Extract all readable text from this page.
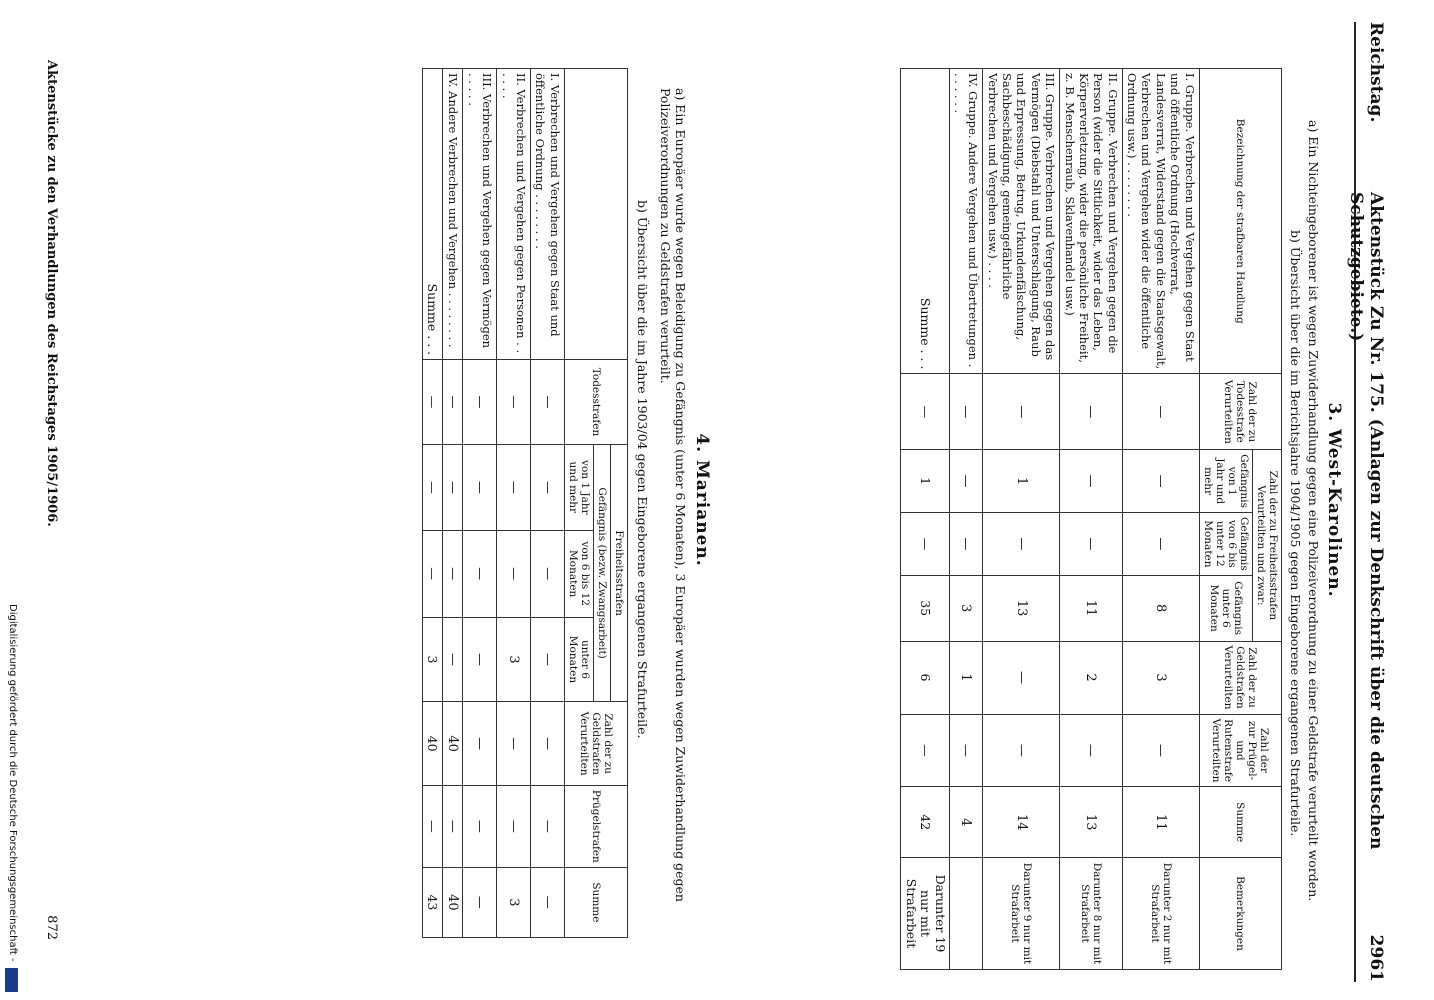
Reichstag.
Aktenstück Zu Nr. 175. (Anlagen zur Denkschrift über die deutschen Schutzgebiete.)
2961
3. West-Karolinen.
a) Ein Nichteingeborener ist wegen Zuwiderhandlung gegen eine Polizeiverordnung zu einer Geldstrafe verurteilt worden.
b) Übersicht über die im Berichtsjahre 1904/1905 gegen Eingeborene ergangenen Strafurteile.
Bezeichnung der strafbaren Handlung	Zahl der zu Todesstrafe Verurteilten	Zahl der zu Freiheitsstrafen Verurteilten und zwar:			Zahl der zu Geldstrafen Verurteilten	Zahl der zur Prügel- und Rutenstrafe Verurteilten	Summe	Bemerkungen
		Gefängnis von 1 Jahr und mehr	Gefängnis von 6 bis unter 12 Monaten	Gefängnis unter 6 Monaten				
I. Gruppe. Verbrechen und Vergehen gegen Staat und öffentliche Ordnung (Hochverrat, Landesverrat, Widerstand gegen die Staatsgewalt, Verbrechen und Vergehen wider die öffentliche Ordnung usw.) . . . . . . . .	—	—	—	8	3	—	11	Darunter 2 nur mit Strafarbeit
II. Gruppe. Verbrechen und Vergehen gegen die Person (wider die Sittlichkeit, wider das Leben, Körperverletzung, wider die persönliche Freiheit, z. B. Menschenraub, Sklavenhandel usw.)	—	—	—	11	2	—	13	Darunter 8 nur mit Strafarbeit
III. Gruppe. Verbrechen und Vergehen gegen das Vermögen (Diebstahl und Unterschlagung, Raub und Erpressung, Betrug, Urkundenfälschung, Sachbeschädigung, gemeingefährliche Verbrechen und Vergehen usw.) . . . .	—	1	—	13	—	—	14	Darunter 9 nur mit Strafarbeit
IV. Gruppe. Andere Vergehen und Übertretungen . . . . . . .	—	—	—	3	1	—	4	
Summe . . .	—	1	—	35	6	—	42	Darunter 19 nur mit Strafarbeit
4. Marianen.
a) Ein Europäer wurde wegen Beleidigung zu Gefängnis (unter 6 Monaten), 3 Europäer wurden wegen Zuwiderhandlung gegen Polizeiverordnungen zu Geldstrafen verurteilt.
b) Übersicht über die im Jahre 1903/04 gegen Eingeborene ergangenen Strafurteile.
	Todesstrafen	Freiheitsstrafen			Zahl der zu Geldstrafen Verurteilten	Prügelstrafen	Summe
		Gefängnis (bezw. Zwangsarbeit)					
		von 1 Jahr und mehr	von 6 bis 12 Monaten	unter 6 Monaten			
I. Verbrechen und Vergehen gegen Staat und öffentliche Ordnung . . . . . . . .	—	—	—	—	—	—	—
II. Verbrechen und Vergehen gegen Personen . . . . . .	—	—	—	3	—	—	3
III. Verbrechen und Vergehen gegen Vermögen . . . . .	—	—	—	—	—	—	—
IV. Andere Verbrechen und Vergehen . . . . . . . .	—	—	—	—	40	—	40
Summe . . .	—	—	—	3	40	—	43
Aktenstücke zu den Verhandlungen des Reichstages 1905/1906.
872
Digitalisierung gefördert durch die Deutsche Forschungsgemeinschaft -
